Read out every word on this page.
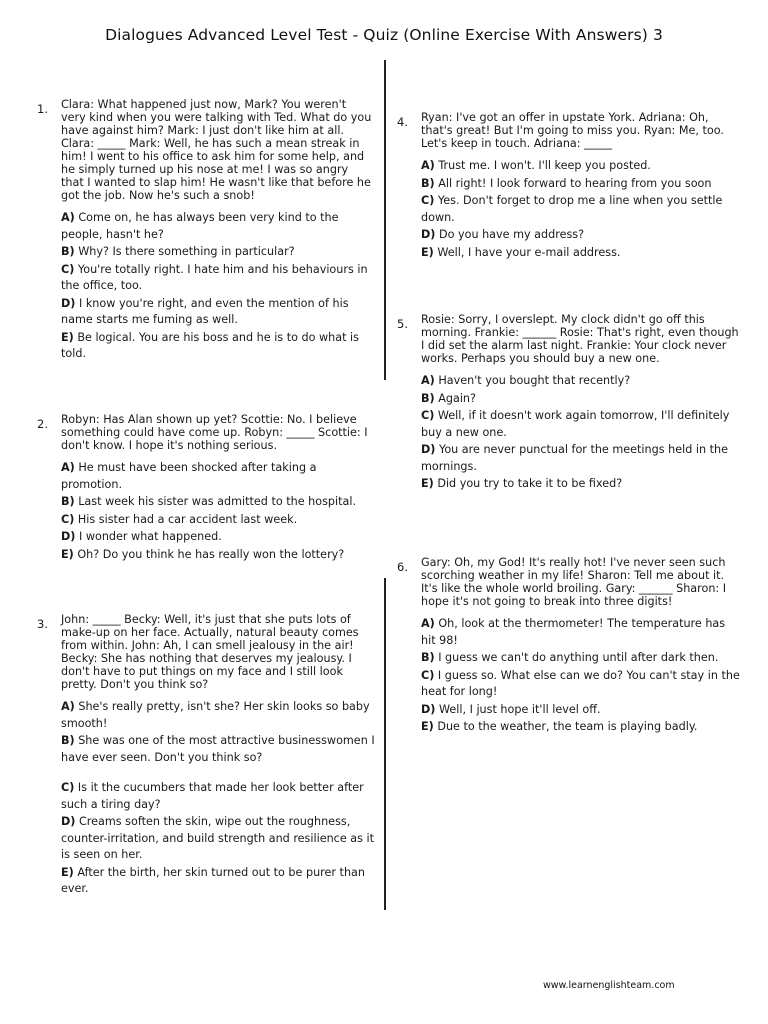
Dialogues Advanced Level Test - Quiz (Online Exercise With Answers) 3
1. Clara: What happened just now, Mark? You weren't very kind when you were talking with Ted. What do you have against him? Mark: I just don't like him at all. Clara: _____ Mark: Well, he has such a mean streak in him! I went to his office to ask him for some help, and he simply turned up his nose at me! I was so angry that I wanted to slap him! He wasn't like that before he got the job. Now he's such a snob!

A) Come on, he has always been very kind to the people, hasn't he?
B) Why? Is there something in particular?
C) You're totally right. I hate him and his behaviours in the office, too.
D) I know you're right, and even the mention of his name starts me fuming as well.
E) Be logical. You are his boss and he is to do what is told.
2. Robyn: Has Alan shown up yet? Scottie: No. I believe something could have come up. Robyn: _____ Scottie: I don't know. I hope it's nothing serious.

A) He must have been shocked after taking a promotion.
B) Last week his sister was admitted to the hospital.
C) His sister had a car accident last week.
D) I wonder what happened.
E) Oh? Do you think he has really won the lottery?
3. John: _____ Becky: Well, it's just that she puts lots of make-up on her face. Actually, natural beauty comes from within. John: Ah, I can smell jealousy in the air! Becky: She has nothing that deserves my jealousy. I don't have to put things on my face and I still look pretty. Don't you think so?

A) She's really pretty, isn't she? Her skin looks so baby smooth!
B) She was one of the most attractive businesswomen I have ever seen. Don't you think so?
C) Is it the cucumbers that made her look better after such a tiring day?
D) Creams soften the skin, wipe out the roughness, counter-irritation, and build strength and resilience as it is seen on her.
E) After the birth, her skin turned out to be purer than ever.
4. Ryan: I've got an offer in upstate York. Adriana: Oh, that's great! But I'm going to miss you. Ryan: Me, too. Let's keep in touch. Adriana: _____

A) Trust me. I won't. I'll keep you posted.
B) All right! I look forward to hearing from you soon
C) Yes. Don't forget to drop me a line when you settle down.
D) Do you have my address?
E) Well, I have your e-mail address.
5. Rosie: Sorry, I overslept. My clock didn't go off this morning. Frankie: ______ Rosie: That's right, even though I did set the alarm last night. Frankie: Your clock never works. Perhaps you should buy a new one.

A) Haven't you bought that recently?
B) Again?
C) Well, if it doesn't work again tomorrow, I'll definitely buy a new one.
D) You are never punctual for the meetings held in the mornings.
E) Did you try to take it to be fixed?
6. Gary: Oh, my God! It's really hot! I've never seen such scorching weather in my life! Sharon: Tell me about it. It's like the whole world broiling. Gary: ______ Sharon: I hope it's not going to break into three digits!

A) Oh, look at the thermometer! The temperature has hit 98!
B) I guess we can't do anything until after dark then.
C) I guess so. What else can we do? You can't stay in the heat for long!
D) Well, I just hope it'll level off.
E) Due to the weather, the team is playing badly.
www.learnenglishteam.com
